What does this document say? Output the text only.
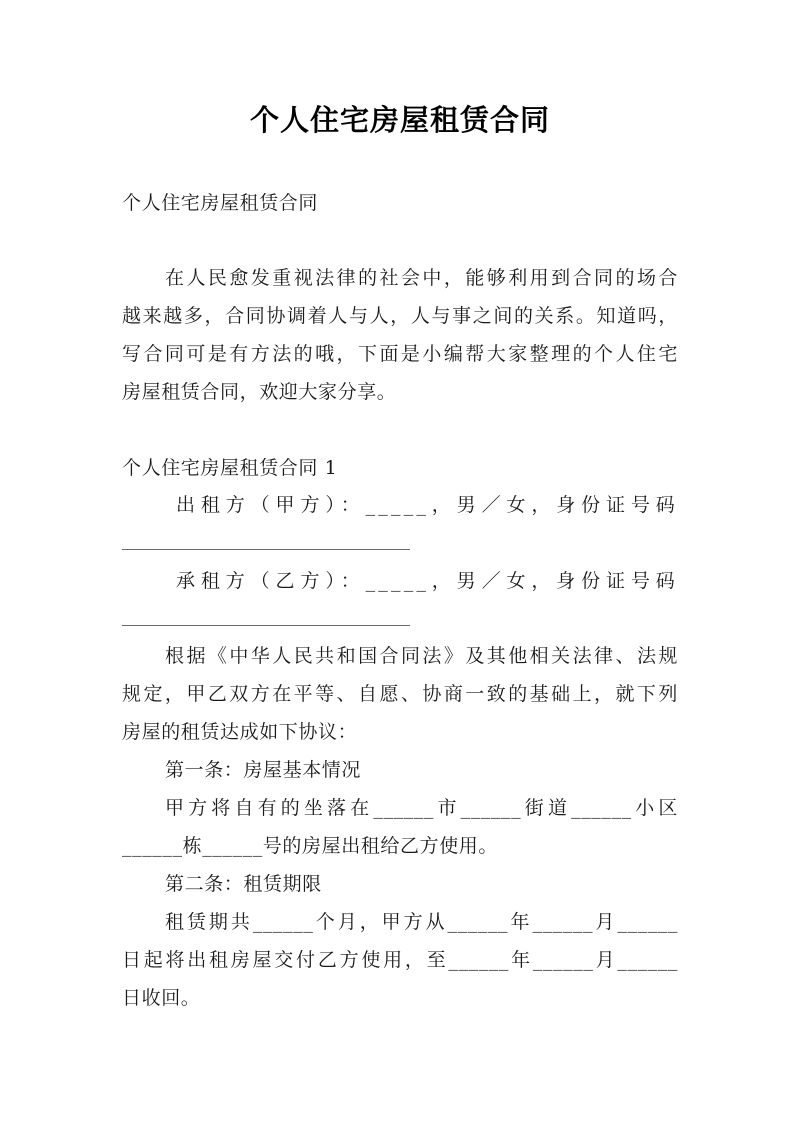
个人住宅房屋租赁合同
个人住宅房屋租赁合同
在人民愈发重视法律的社会中，能够利用到合同的场合
越来越多，合同协调着人与人，人与事之间的关系。知道吗，
写合同可是有方法的哦，下面是小编帮大家整理的个人住宅
房屋租赁合同，欢迎大家分享。
个人住宅房屋租赁合同 1
出租方（甲方）：_____，男／女，身份证号码
承租方（乙方）：_____，男／女，身份证号码
根据《中华人民共和国合同法》及其他相关法律、法规
规定，甲乙双方在平等、自愿、协商一致的基础上，就下列
房屋的租赁达成如下协议：
第一条：房屋基本情况
甲方将自有的坐落在______市______街道______小区
______栋______号的房屋出租给乙方使用。
第二条：租赁期限
租赁期共______个月，甲方从______年______月______
日起将出租房屋交付乙方使用，至______年______月______
日收回。
